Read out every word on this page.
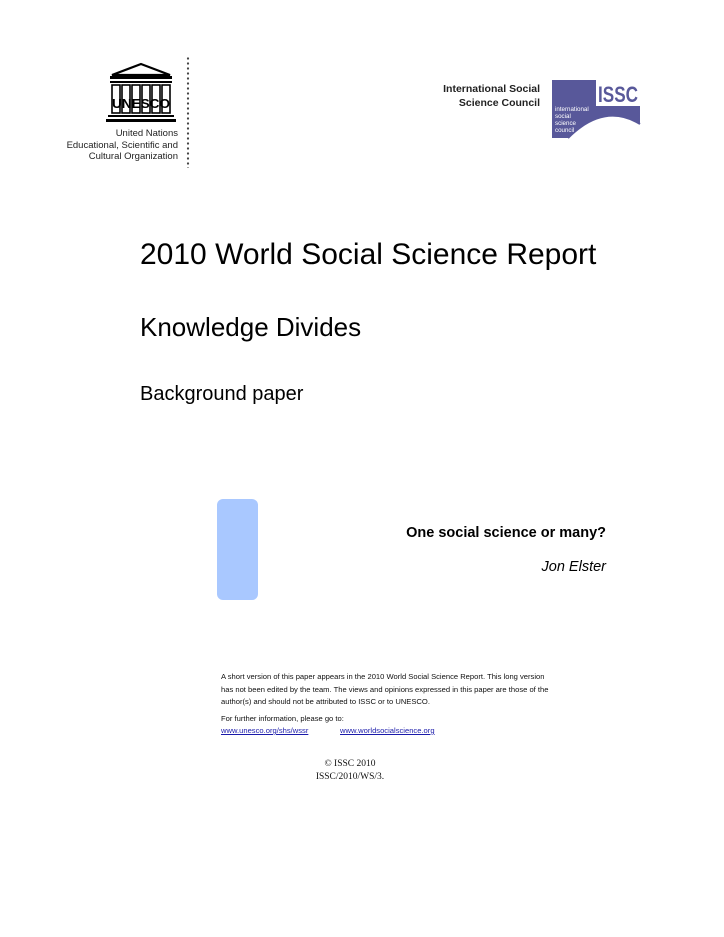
UNESCO
United Nations
Educational, Scientific and
Cultural Organization
International Social
Science Council	ISSC
international
social
science
council
2010 World Social Science Report
Knowledge Divides
Background paper
One social science or many?
Jon Elster
A short version of this paper appears in the 2010 World Social Science Report. This long version
has not been edited by the team. The views and opinions expressed in this paper are those of the
author(s) and should not be attributed to ISSC or to UNESCO.
For further information, please go to:
www.unesco.org/shs/wssr	www.worldsocialscience.org
© ISSC 2010
ISSC/2010/WS/3.
